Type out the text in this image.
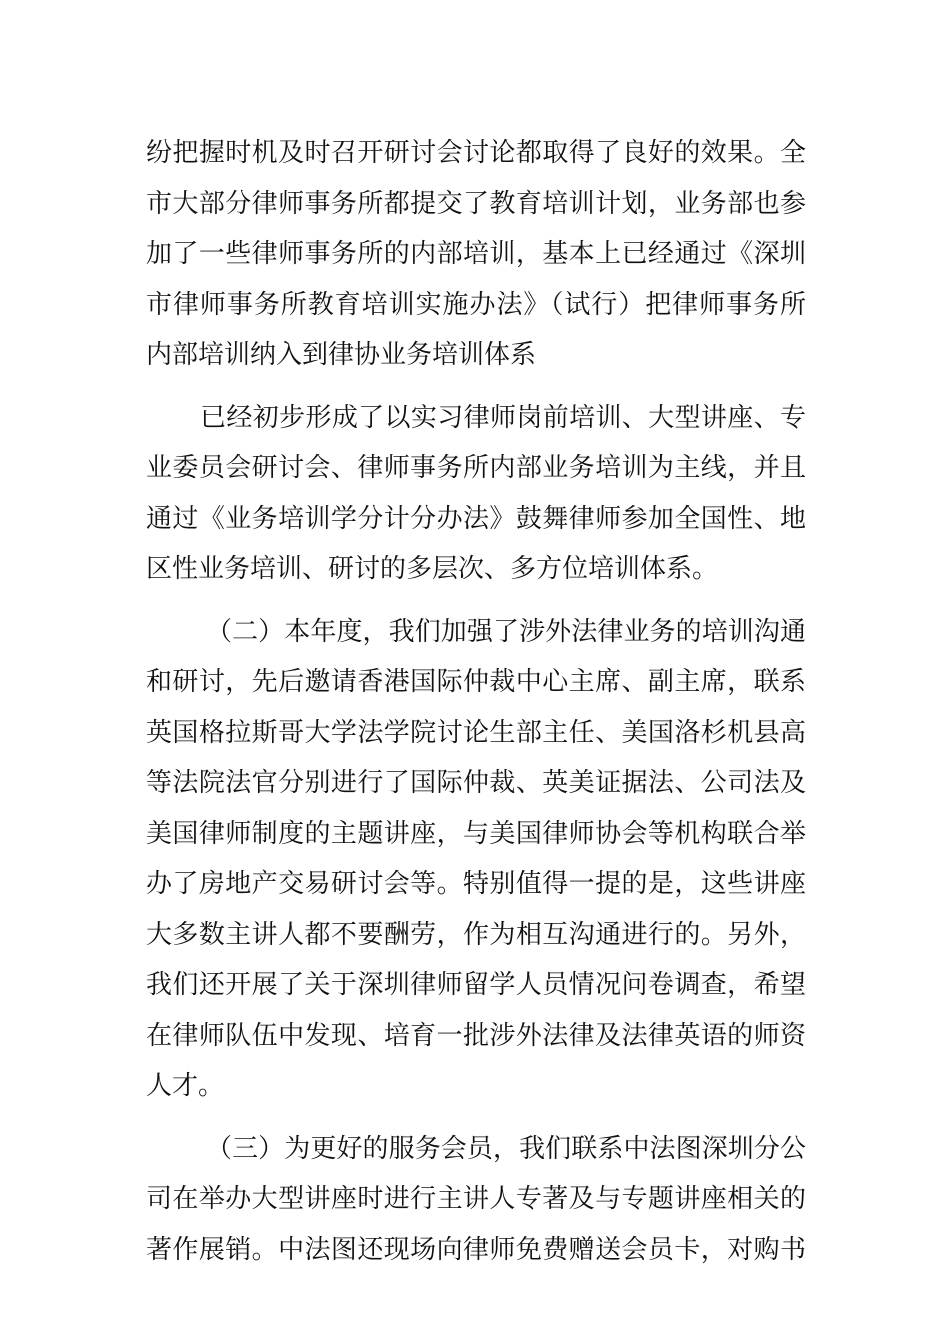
纷把握时机及时召开研讨会讨论都取得了良好的效果。全
市大部分律师事务所都提交了教育培训计划，业务部也参
加了一些律师事务所的内部培训，基本上已经通过《深圳
市律师事务所教育培训实施办法》（试行）把律师事务所
内部培训纳入到律协业务培训体系
已经初步形成了以实习律师岗前培训、大型讲座、专
业委员会研讨会、律师事务所内部业务培训为主线，并且
通过《业务培训学分计分办法》鼓舞律师参加全国性、地
区性业务培训、研讨的多层次、多方位培训体系。
（二）本年度，我们加强了涉外法律业务的培训沟通
和研讨，先后邀请香港国际仲裁中心主席、副主席，联系
英国格拉斯哥大学法学院讨论生部主任、美国洛杉机县高
等法院法官分别进行了国际仲裁、英美证据法、公司法及
美国律师制度的主题讲座，与美国律师协会等机构联合举
办了房地产交易研讨会等。特别值得一提的是，这些讲座
大多数主讲人都不要酬劳，作为相互沟通进行的。另外，
我们还开展了关于深圳律师留学人员情况问卷调查，希望
在律师队伍中发现、培育一批涉外法律及法律英语的师资
人才。
（三）为更好的服务会员，我们联系中法图深圳分公
司在举办大型讲座时进行主讲人专著及与专题讲座相关的
著作展销。中法图还现场向律师免费赠送会员卡，对购书
